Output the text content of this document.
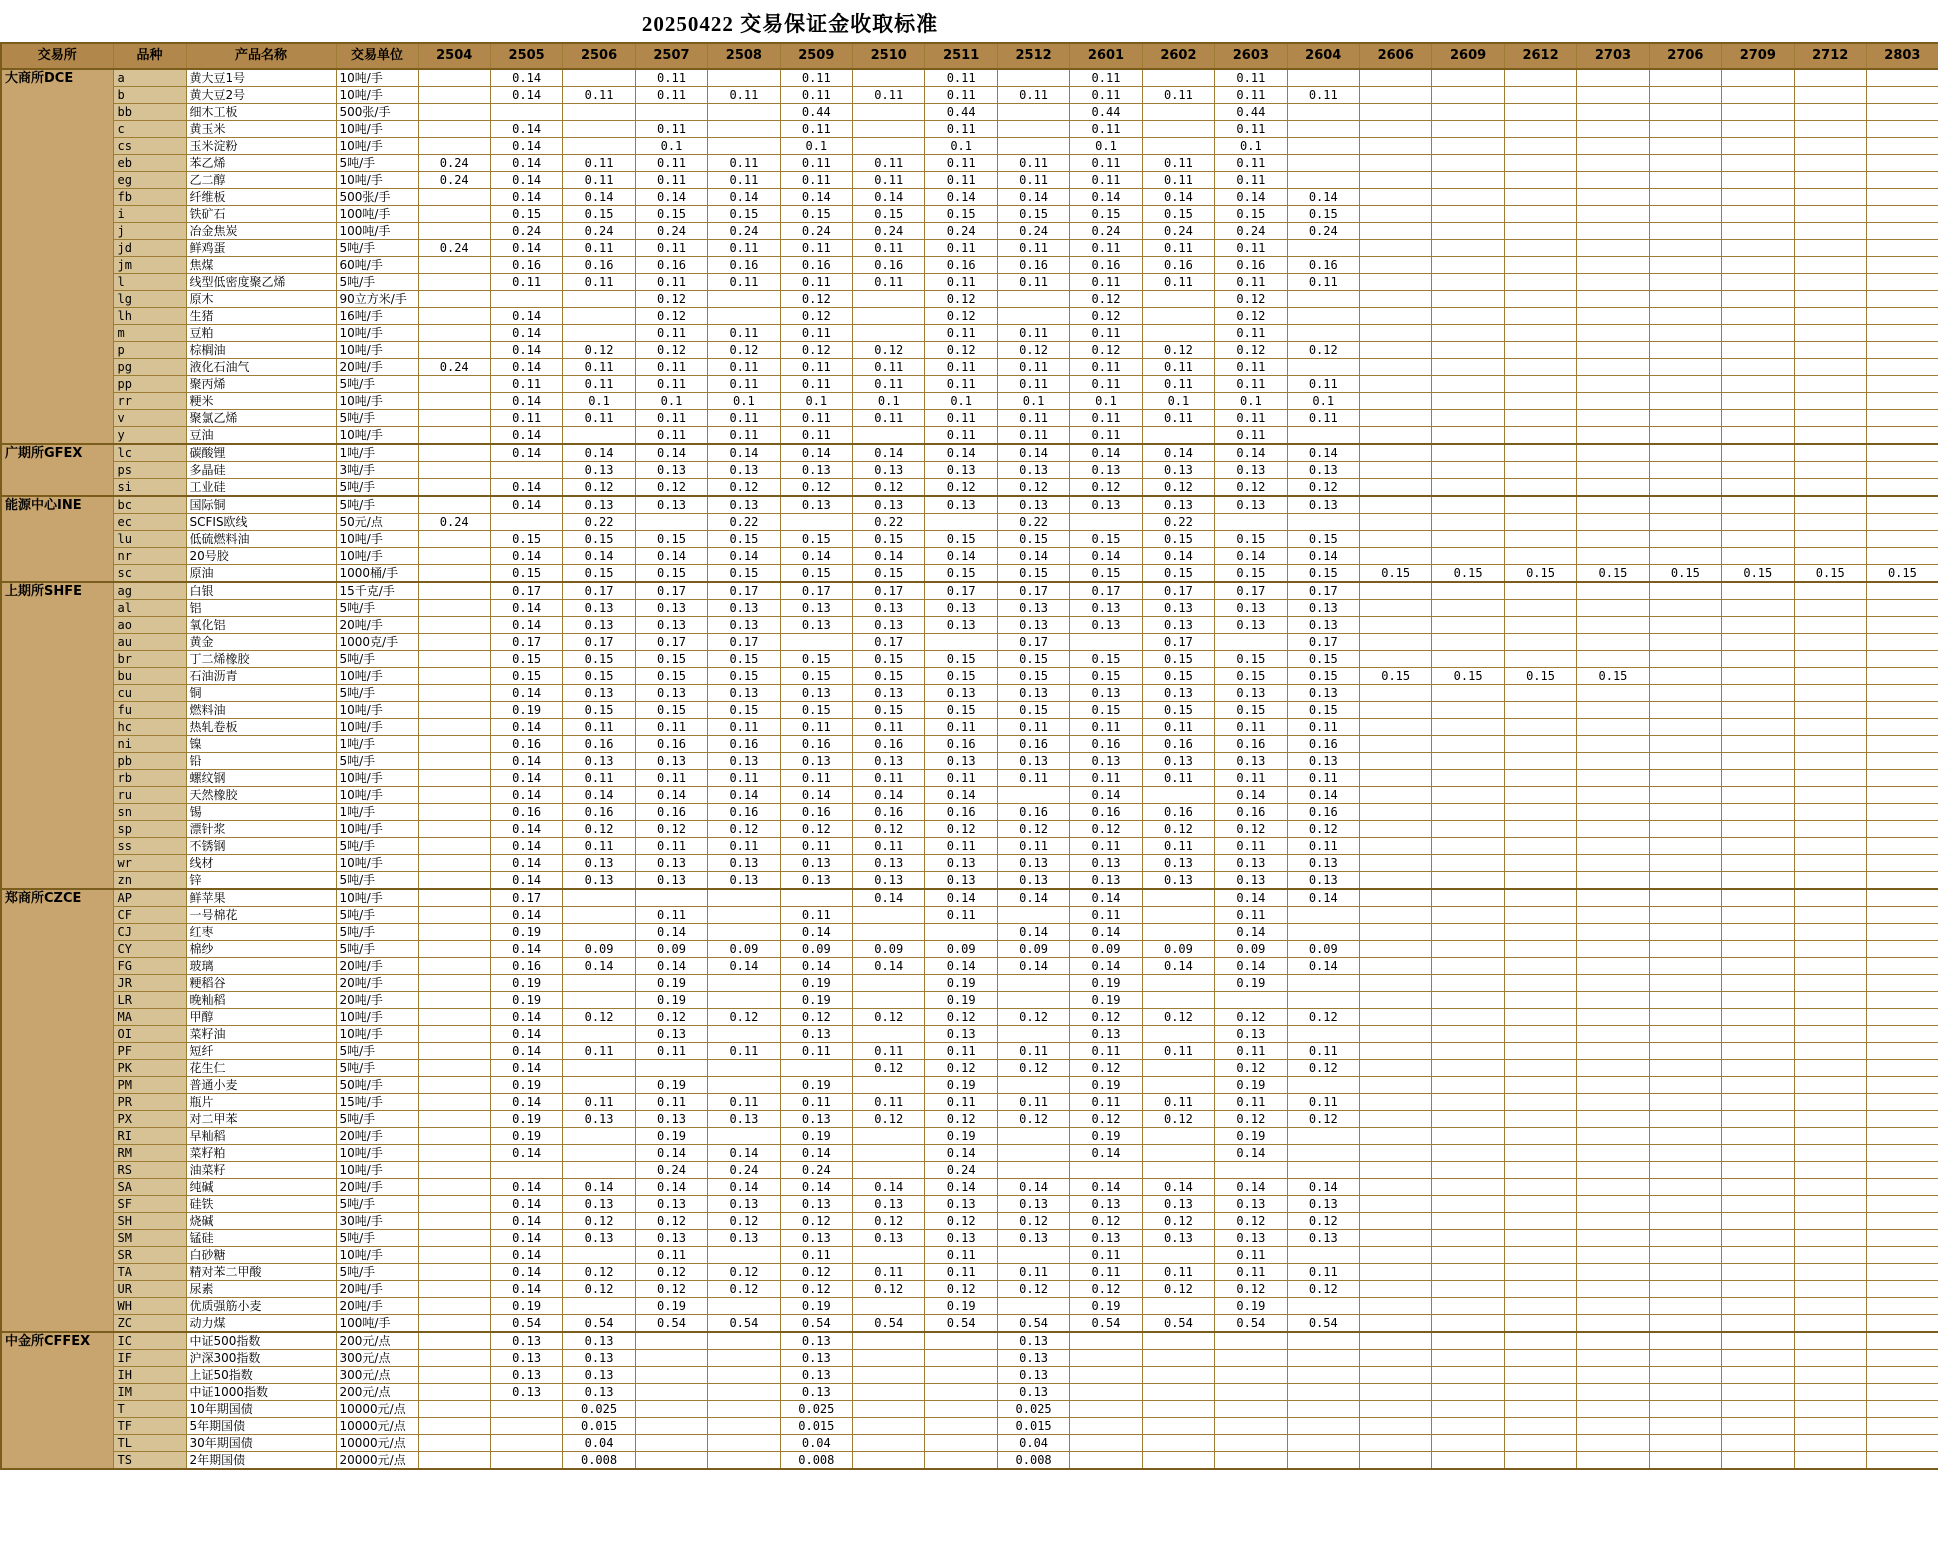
20250422 交易保证金收取标准
交易所	品种	产品名称	交易单位	2504	2505	2506	2507	2508	2509	2510	2511	2512	2601	2602	2603	2604	2606	2609	2612	2703	2706	2709	2712	2803
大商所DCE	a	黄大豆1号	10吨/手		0.14		0.11		0.11		0.11		0.11		0.11									
	b	黄大豆2号	10吨/手		0.14	0.11	0.11	0.11	0.11	0.11	0.11	0.11	0.11	0.11	0.11	0.11								
	bb	细木工板	500张/手						0.44		0.44		0.44		0.44									
	c	黄玉米	10吨/手		0.14		0.11		0.11		0.11		0.11		0.11									
	cs	玉米淀粉	10吨/手		0.14		0.1		0.1		0.1		0.1		0.1									
	eb	苯乙烯	5吨/手	0.24	0.14	0.11	0.11	0.11	0.11	0.11	0.11	0.11	0.11	0.11	0.11									
	eg	乙二醇	10吨/手	0.24	0.14	0.11	0.11	0.11	0.11	0.11	0.11	0.11	0.11	0.11	0.11									
	fb	纤维板	500张/手		0.14	0.14	0.14	0.14	0.14	0.14	0.14	0.14	0.14	0.14	0.14	0.14								
	i	铁矿石	100吨/手		0.15	0.15	0.15	0.15	0.15	0.15	0.15	0.15	0.15	0.15	0.15	0.15								
	j	冶金焦炭	100吨/手		0.24	0.24	0.24	0.24	0.24	0.24	0.24	0.24	0.24	0.24	0.24	0.24								
	jd	鲜鸡蛋	5吨/手	0.24	0.14	0.11	0.11	0.11	0.11	0.11	0.11	0.11	0.11	0.11	0.11									
	jm	焦煤	60吨/手		0.16	0.16	0.16	0.16	0.16	0.16	0.16	0.16	0.16	0.16	0.16	0.16								
	l	线型低密度聚乙烯	5吨/手		0.11	0.11	0.11	0.11	0.11	0.11	0.11	0.11	0.11	0.11	0.11	0.11								
	lg	原木	90立方米/手				0.12		0.12		0.12		0.12		0.12									
	lh	生猪	16吨/手		0.14		0.12		0.12		0.12		0.12		0.12									
	m	豆粕	10吨/手		0.14		0.11	0.11	0.11		0.11	0.11	0.11		0.11									
	p	棕榈油	10吨/手		0.14	0.12	0.12	0.12	0.12	0.12	0.12	0.12	0.12	0.12	0.12	0.12								
	pg	液化石油气	20吨/手	0.24	0.14	0.11	0.11	0.11	0.11	0.11	0.11	0.11	0.11	0.11	0.11									
	pp	聚丙烯	5吨/手		0.11	0.11	0.11	0.11	0.11	0.11	0.11	0.11	0.11	0.11	0.11	0.11								
	rr	粳米	10吨/手		0.14	0.1	0.1	0.1	0.1	0.1	0.1	0.1	0.1	0.1	0.1	0.1								
	v	聚氯乙烯	5吨/手		0.11	0.11	0.11	0.11	0.11	0.11	0.11	0.11	0.11	0.11	0.11	0.11								
	y	豆油	10吨/手		0.14		0.11	0.11	0.11		0.11	0.11	0.11		0.11									
广期所GFEX	lc	碳酸锂	1吨/手		0.14	0.14	0.14	0.14	0.14	0.14	0.14	0.14	0.14	0.14	0.14	0.14								
	ps	多晶硅	3吨/手			0.13	0.13	0.13	0.13	0.13	0.13	0.13	0.13	0.13	0.13	0.13								
	si	工业硅	5吨/手		0.14	0.12	0.12	0.12	0.12	0.12	0.12	0.12	0.12	0.12	0.12	0.12								
能源中心INE	bc	国际铜	5吨/手		0.14	0.13	0.13	0.13	0.13	0.13	0.13	0.13	0.13	0.13	0.13	0.13								
	ec	SCFIS欧线	50元/点	0.24		0.22		0.22		0.22		0.22		0.22										
	lu	低硫燃料油	10吨/手		0.15	0.15	0.15	0.15	0.15	0.15	0.15	0.15	0.15	0.15	0.15	0.15								
	nr	20号胶	10吨/手		0.14	0.14	0.14	0.14	0.14	0.14	0.14	0.14	0.14	0.14	0.14	0.14								
	sc	原油	1000桶/手		0.15	0.15	0.15	0.15	0.15	0.15	0.15	0.15	0.15	0.15	0.15	0.15	0.15	0.15	0.15	0.15	0.15	0.15	0.15	0.15
上期所SHFE	ag	白银	15千克/手		0.17	0.17	0.17	0.17	0.17	0.17	0.17	0.17	0.17	0.17	0.17	0.17								
	al	铝	5吨/手		0.14	0.13	0.13	0.13	0.13	0.13	0.13	0.13	0.13	0.13	0.13	0.13								
	ao	氧化铝	20吨/手		0.14	0.13	0.13	0.13	0.13	0.13	0.13	0.13	0.13	0.13	0.13	0.13								
	au	黄金	1000克/手		0.17	0.17	0.17	0.17		0.17		0.17		0.17		0.17								
	br	丁二烯橡胶	5吨/手		0.15	0.15	0.15	0.15	0.15	0.15	0.15	0.15	0.15	0.15	0.15	0.15								
	bu	石油沥青	10吨/手		0.15	0.15	0.15	0.15	0.15	0.15	0.15	0.15	0.15	0.15	0.15	0.15	0.15	0.15	0.15	0.15				
	cu	铜	5吨/手		0.14	0.13	0.13	0.13	0.13	0.13	0.13	0.13	0.13	0.13	0.13	0.13								
	fu	燃料油	10吨/手		0.19	0.15	0.15	0.15	0.15	0.15	0.15	0.15	0.15	0.15	0.15	0.15								
	hc	热轧卷板	10吨/手		0.14	0.11	0.11	0.11	0.11	0.11	0.11	0.11	0.11	0.11	0.11	0.11								
	ni	镍	1吨/手		0.16	0.16	0.16	0.16	0.16	0.16	0.16	0.16	0.16	0.16	0.16	0.16								
	pb	铅	5吨/手		0.14	0.13	0.13	0.13	0.13	0.13	0.13	0.13	0.13	0.13	0.13	0.13								
	rb	螺纹钢	10吨/手		0.14	0.11	0.11	0.11	0.11	0.11	0.11	0.11	0.11	0.11	0.11	0.11								
	ru	天然橡胶	10吨/手		0.14	0.14	0.14	0.14	0.14	0.14	0.14		0.14		0.14	0.14								
	sn	锡	1吨/手		0.16	0.16	0.16	0.16	0.16	0.16	0.16	0.16	0.16	0.16	0.16	0.16								
	sp	漂针浆	10吨/手		0.14	0.12	0.12	0.12	0.12	0.12	0.12	0.12	0.12	0.12	0.12	0.12								
	ss	不锈钢	5吨/手		0.14	0.11	0.11	0.11	0.11	0.11	0.11	0.11	0.11	0.11	0.11	0.11								
	wr	线材	10吨/手		0.14	0.13	0.13	0.13	0.13	0.13	0.13	0.13	0.13	0.13	0.13	0.13								
	zn	锌	5吨/手		0.14	0.13	0.13	0.13	0.13	0.13	0.13	0.13	0.13	0.13	0.13	0.13								
郑商所CZCE	AP	鲜苹果	10吨/手		0.17					0.14	0.14	0.14	0.14		0.14	0.14								
	CF	一号棉花	5吨/手		0.14		0.11		0.11		0.11		0.11		0.11									
	CJ	红枣	5吨/手		0.19		0.14		0.14			0.14	0.14		0.14									
	CY	棉纱	5吨/手		0.14	0.09	0.09	0.09	0.09	0.09	0.09	0.09	0.09	0.09	0.09	0.09								
	FG	玻璃	20吨/手		0.16	0.14	0.14	0.14	0.14	0.14	0.14	0.14	0.14	0.14	0.14	0.14								
	JR	粳稻谷	20吨/手		0.19		0.19		0.19		0.19		0.19		0.19									
	LR	晚籼稻	20吨/手		0.19		0.19		0.19		0.19		0.19											
	MA	甲醇	10吨/手		0.14	0.12	0.12	0.12	0.12	0.12	0.12	0.12	0.12	0.12	0.12	0.12								
	OI	菜籽油	10吨/手		0.14		0.13		0.13		0.13		0.13		0.13									
	PF	短纤	5吨/手		0.14	0.11	0.11	0.11	0.11	0.11	0.11	0.11	0.11	0.11	0.11	0.11								
	PK	花生仁	5吨/手		0.14					0.12	0.12	0.12	0.12		0.12	0.12								
	PM	普通小麦	50吨/手		0.19		0.19		0.19		0.19		0.19		0.19									
	PR	瓶片	15吨/手		0.14	0.11	0.11	0.11	0.11	0.11	0.11	0.11	0.11	0.11	0.11	0.11								
	PX	对二甲苯	5吨/手		0.19	0.13	0.13	0.13	0.13	0.12	0.12	0.12	0.12	0.12	0.12	0.12								
	RI	早籼稻	20吨/手		0.19		0.19		0.19		0.19		0.19		0.19									
	RM	菜籽粕	10吨/手		0.14		0.14	0.14	0.14		0.14		0.14		0.14									
	RS	油菜籽	10吨/手				0.24	0.24	0.24		0.24													
	SA	纯碱	20吨/手		0.14	0.14	0.14	0.14	0.14	0.14	0.14	0.14	0.14	0.14	0.14	0.14								
	SF	硅铁	5吨/手		0.14	0.13	0.13	0.13	0.13	0.13	0.13	0.13	0.13	0.13	0.13	0.13								
	SH	烧碱	30吨/手		0.14	0.12	0.12	0.12	0.12	0.12	0.12	0.12	0.12	0.12	0.12	0.12								
	SM	锰硅	5吨/手		0.14	0.13	0.13	0.13	0.13	0.13	0.13	0.13	0.13	0.13	0.13	0.13								
	SR	白砂糖	10吨/手		0.14		0.11		0.11		0.11		0.11		0.11									
	TA	精对苯二甲酸	5吨/手		0.14	0.12	0.12	0.12	0.12	0.11	0.11	0.11	0.11	0.11	0.11	0.11								
	UR	尿素	20吨/手		0.14	0.12	0.12	0.12	0.12	0.12	0.12	0.12	0.12	0.12	0.12	0.12								
	WH	优质强筋小麦	20吨/手		0.19		0.19		0.19		0.19		0.19		0.19									
	ZC	动力煤	100吨/手		0.54	0.54	0.54	0.54	0.54	0.54	0.54	0.54	0.54	0.54	0.54	0.54								
中金所CFFEX	IC	中证500指数	200元/点		0.13	0.13			0.13			0.13												
	IF	沪深300指数	300元/点		0.13	0.13			0.13			0.13												
	IH	上证50指数	300元/点		0.13	0.13			0.13			0.13												
	IM	中证1000指数	200元/点		0.13	0.13			0.13			0.13												
	T	10年期国债	10000元/点			0.025			0.025			0.025												
	TF	5年期国债	10000元/点			0.015			0.015			0.015												
	TL	30年期国债	10000元/点			0.04			0.04			0.04												
	TS	2年期国债	20000元/点			0.008			0.008			0.008												
